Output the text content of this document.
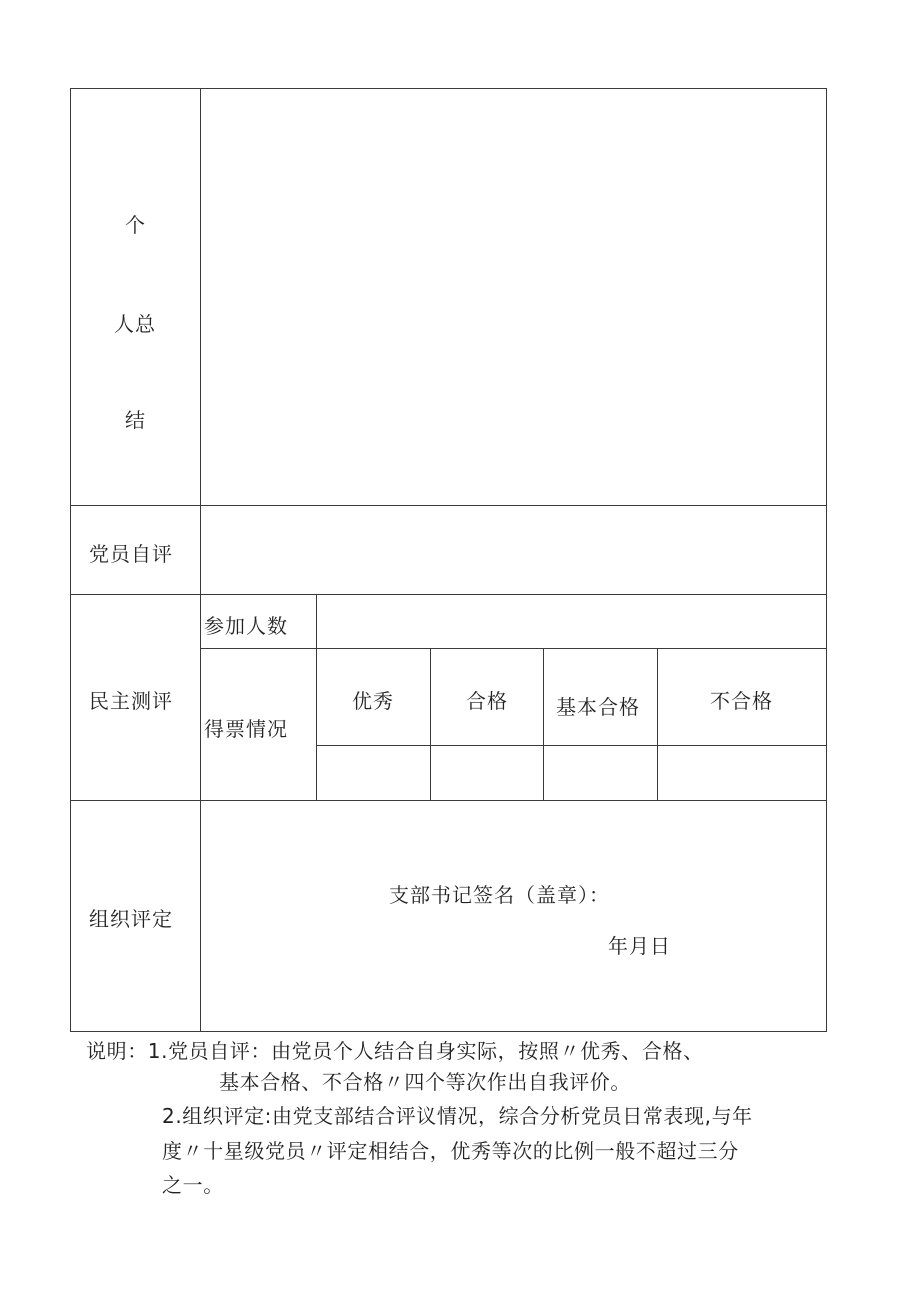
个
人总
结
党员自评
民主测评
参加人数
得票情况
优秀	合格 基本合格	不合格
组织评定
支部书记签名（盖章）：
年月日
说明：1.党员自评：由党员个人结合自身实际，按照〃优秀、合格、
基本合格、不合格〃四个等次作出自我评价。
2.组织评定:由党支部结合评议情况，综合分析党员日常表现,与年
度〃十星级党员〃评定相结合，优秀等次的比例一般不超过三分
之一。
